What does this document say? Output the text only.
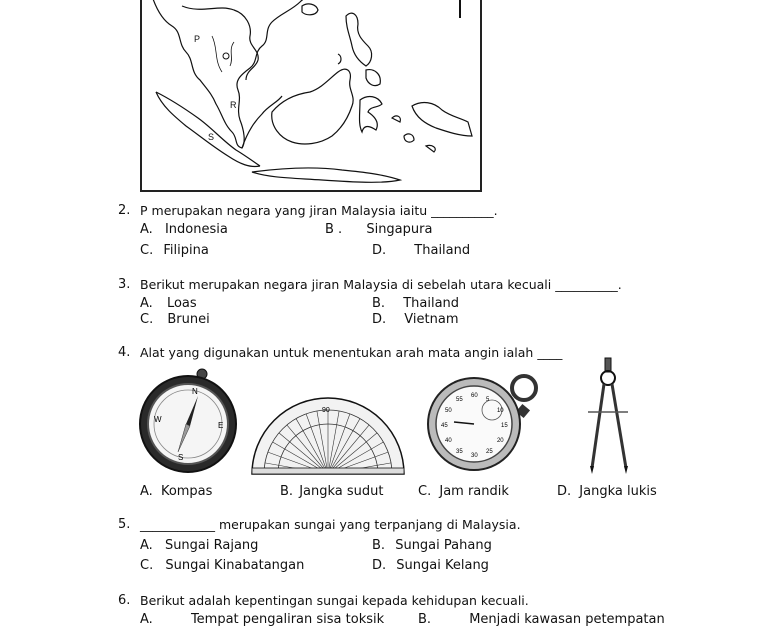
P
R
S
2. P merupakan negara yang jiran Malaysia iaitu __________.
A. Indonesia	B . Singapura
C. Filipina	D. Thailand
3. Berikut merupakan negara jiran Malaysia di sebelah utara kecuali __________.
A. Loas	B. Thailand
C. Brunei	D. Vietnam
4. Alat yang digunakan untuk menentukan arah mata angin ialah ____
N
E
S
W
90
5
10
15
20
25
30
35
40
45
50
55
60
A. Kompas	B. Jangka sudut	C. Jam randik	D. Jangka lukis
5. ____________ merupakan sungai yang terpanjang di Malaysia.
A. Sungai Rajang	B. Sungai Pahang
C. Sungai Kinabatangan	D. Sungai Kelang
6. Berikut adalah kepentingan sungai kepada kehidupan kecuali.
A.	Tempat pengaliran sisa toksik	B.	Menjadi kawasan petempatan
